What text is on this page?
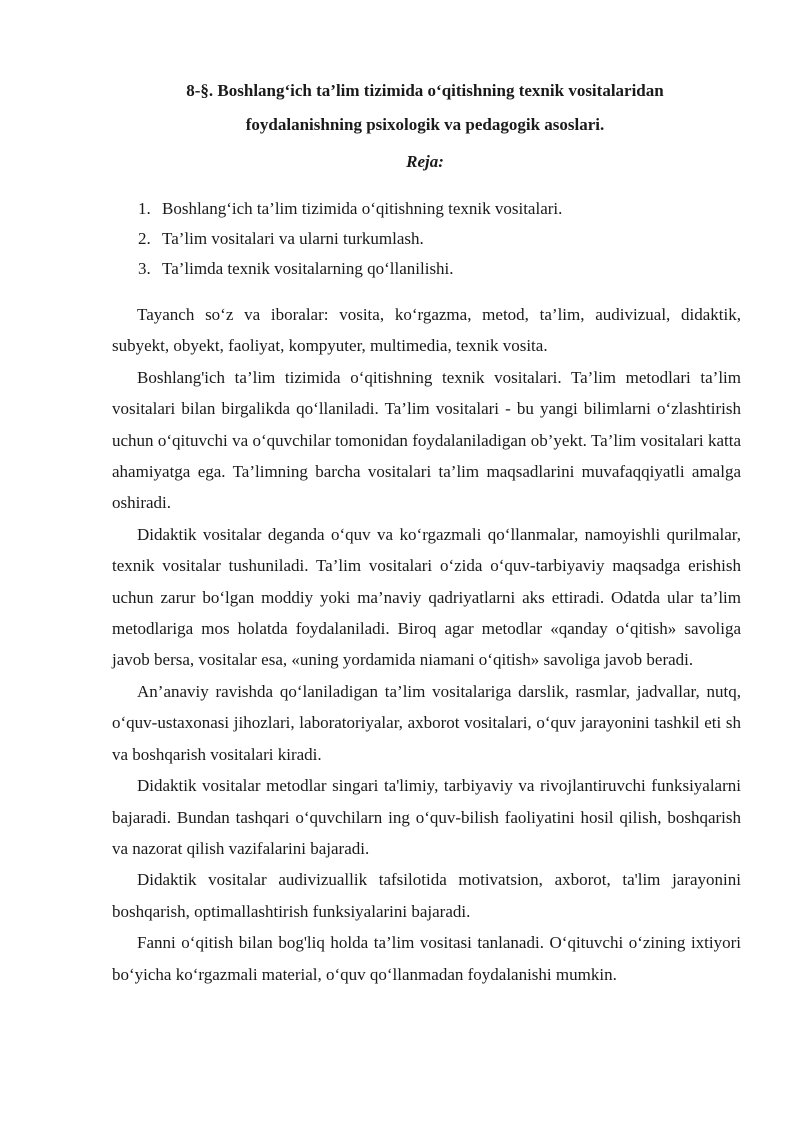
8-§. Boshlang‘ich ta’lim tizimida o‘qitishning texnik vositalaridan
foydalanishning psixologik va pedagogik asoslari.
Reja:
1. Boshlang‘ich ta’lim tizimida o‘qitishning texnik vositalari.
2. Ta’lim vositalari va ularni turkumlash.
3. Ta’limda texnik vositalarning qo‘llanilishi.

Tayanch so‘z va iboralar: vosita, ko‘rgazma, metod, ta’lim, audivizual, didaktik, subyekt, obyekt, faoliyat, kompyuter, multimedia, texnik vosita.

Boshlang'ich ta’lim tizimida o‘qitishning texnik vositalari. Ta’lim metodlari ta’lim vositalari bilan birgalikda qo‘llaniladi. Ta’lim vositalari - bu yangi bilimlarni o‘zlashtirish uchun o‘qituvchi va o‘quvchilar tomonidan foydalaniladigan ob’yekt. Ta’lim vositalari katta ahamiyatga ega. Ta’limning barcha vositalari ta’lim maqsadlarini muvafaqqiyatli amalga oshiradi.

Didaktik vositalar deganda o‘quv va ko‘rgazmali qo‘llanmalar, namoyishli qurilmalar, texnik vositalar tushuniladi. Ta’lim vositalari o‘zida o‘quv-tarbiyaviy maqsadga erishish uchun zarur bo‘lgan moddiy yoki ma’naviy qadriyatlarni aks ettiradi. Odatda ular ta’lim metodlariga mos holatda foydalaniladi. Biroq agar metodlar «qanday o‘qitish» savoliga javob bersa, vositalar esa, «uning yordamida niamani o‘qitish» savoliga javob beradi.

An’anaviy ravishda qo‘laniladigan ta’lim vositalariga darslik, rasmlar, jadvallar, nutq, o‘quv-ustaxonasi jihozlari, laboratoriyalar, axborot vositalari, o‘quv jarayonini tashkil eti sh va boshqarish vositalari kiradi.

Didaktik vositalar metodlar singari ta'limiy, tarbiyaviy va rivojlantiruvchi funksiyalarni bajaradi. Bundan tashqari o‘quvchilarn ing o‘quv-bilish faoliyatini hosil qilish, boshqarish va nazorat qilish vazifalarini bajaradi.

Didaktik vositalar audivizuallik tafsilotida motivatsion, axborot, ta'lim jarayonini boshqarish, optimallashtirish funksiyalarini bajaradi.

Fanni o‘qitish bilan bog'liq holda ta’lim vositasi tanlanadi. O‘qituvchi o‘zining ixtiyori bo‘yicha ko‘rgazmali material, o‘quv qo‘llanmadan foydalanishi mumkin.
